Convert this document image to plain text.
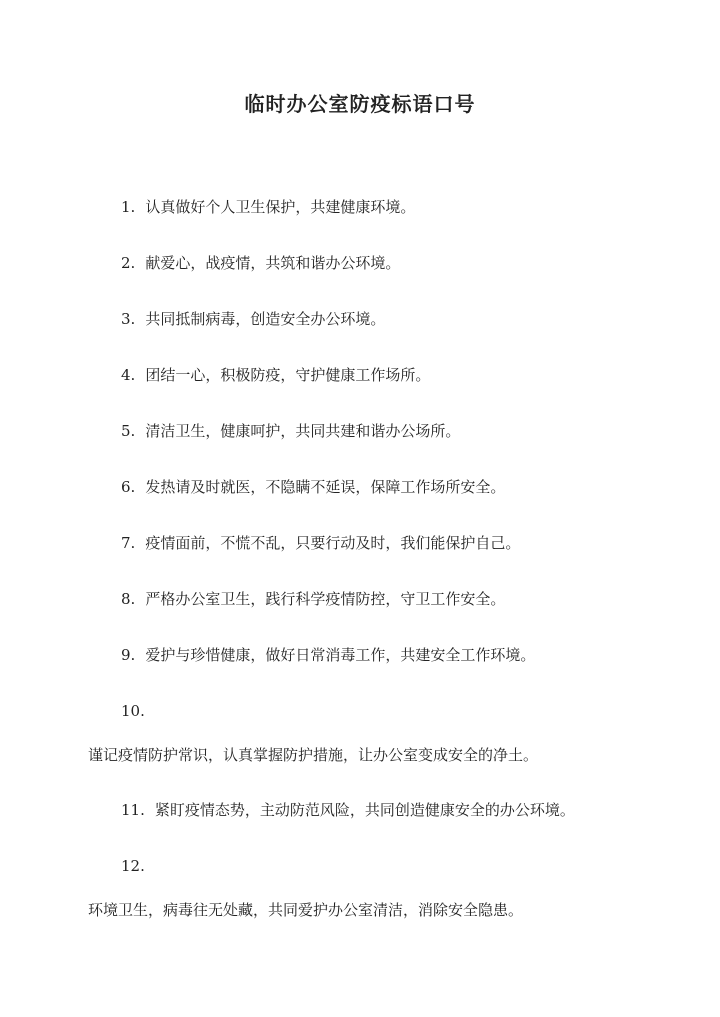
临时办公室防疫标语口号
1. 认真做好个人卫生保护，共建健康环境。
2. 献爱心，战疫情，共筑和谐办公环境。
3. 共同抵制病毒，创造安全办公环境。
4. 团结一心，积极防疫，守护健康工作场所。
5. 清洁卫生，健康呵护，共同共建和谐办公场所。
6. 发热请及时就医，不隐瞒不延误，保障工作场所安全。
7. 疫情面前，不慌不乱，只要行动及时，我们能保护自己。
8. 严格办公室卫生，践行科学疫情防控，守卫工作安全。
9. 爱护与珍惜健康，做好日常消毒工作，共建安全工作环境。
10.
谨记疫情防护常识，认真掌握防护措施，让办公室变成安全的净土。
11. 紧盯疫情态势，主动防范风险，共同创造健康安全的办公环境。
12.
环境卫生，病毒往无处藏，共同爱护办公室清洁，消除安全隐患。
